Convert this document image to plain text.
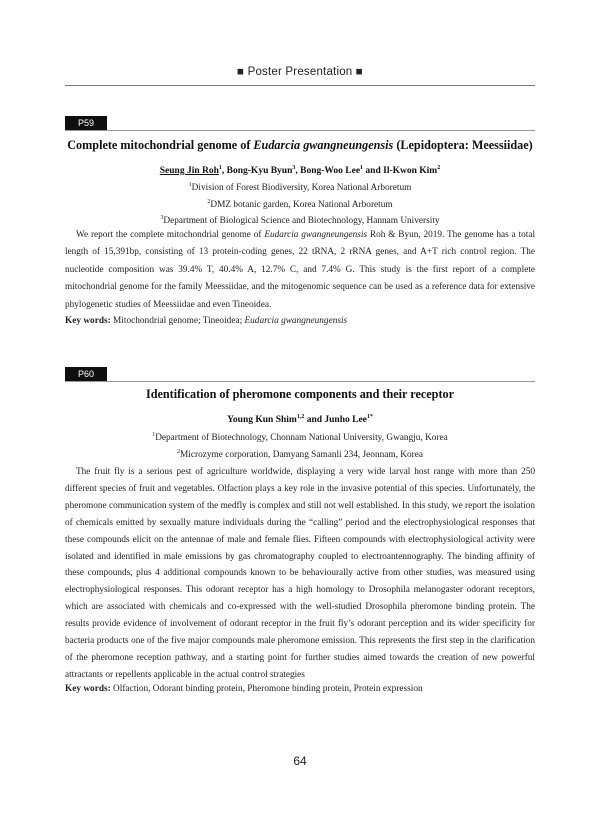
■ Poster Presentation ■
P59
Complete mitochondrial genome of Eudarcia gwangneungensis (Lepidoptera: Meessiidae)
Seung Jin Roh$^1$, Bong-Kyu Byun$^3$, Bong-Woo Lee$^1$ and Il-Kwon Kim$^2$
$^1$Division of Forest Biodiversity, Korea National Arboretum
$^2$DMZ botanic garden, Korea National Arboretum
$^3$Department of Biological Science and Biotechnology, Hannam University

We report the complete mitochondrial genome of Eudarcia gwangneungensis Roh & Byun, 2019. The genome has a total length of 15,391bp, consisting of 13 protein-coding genes, 22 tRNA, 2 rRNA genes, and A+T rich control region. The nucleotide composition was 39.4% T, 40.4% A, 12.7% C, and 7.4% G. This study is the first report of a complete mitochondrial genome for the family Meessiidae, and the mitogenomic sequence can be used as a reference data for extensive phylogenetic studies of Meessiidae and even Tineoidea.

Key words: Mitochondrial genome; Tineoidea; Eudarcia gwangneungensis
P60
Identification of pheromone components and their receptor
Young Kun Shim$^{1,2}$ and Junho Lee$^{1*}$
$^1$Department of Biotechnology, Chonnam National University, Gwangju, Korea
$^2$Microzyme corporation, Damyang Samanli 234, Jeonnam, Korea

The fruit fly is a serious pest of agriculture worldwide, displaying a very wide larval host range with more than 250 different species of fruit and vegetables. Olfaction plays a key role in the invasive potential of this species. Unfortunately, the pheromone communication system of the medfly is complex and still not well established. In this study, we report the isolation of chemicals emitted by sexually mature individuals during the “calling” period and the electrophysiological responses that these compounds elicit on the antennae of male and female flies. Fifteen compounds with electrophysiological activity were isolated and identified in male emissions by gas chromatography coupled to electroantennography. The binding affinity of these compounds, plus 4 additional compounds known to be behaviourally active from other studies, was measured using electrophysiological responses. This odorant receptor has a high homology to Drosophila melanogaster odorant receptors, which are associated with chemicals and co-expressed with the well-studied Drosophila pheromone binding protein. The results provide evidence of involvement of odorant receptor in the fruit fly’s odorant perception and its wider specificity for bacteria products one of the five major compounds male pheromone emission. This represents the first step in the clarification of the pheromone reception pathway, and a starting point for further studies aimed towards the creation of new powerful attractants or repellents applicable in the actual control strategies

Key words: Olfaction, Odorant binding protein, Pheromone binding protein, Protein expression
64
